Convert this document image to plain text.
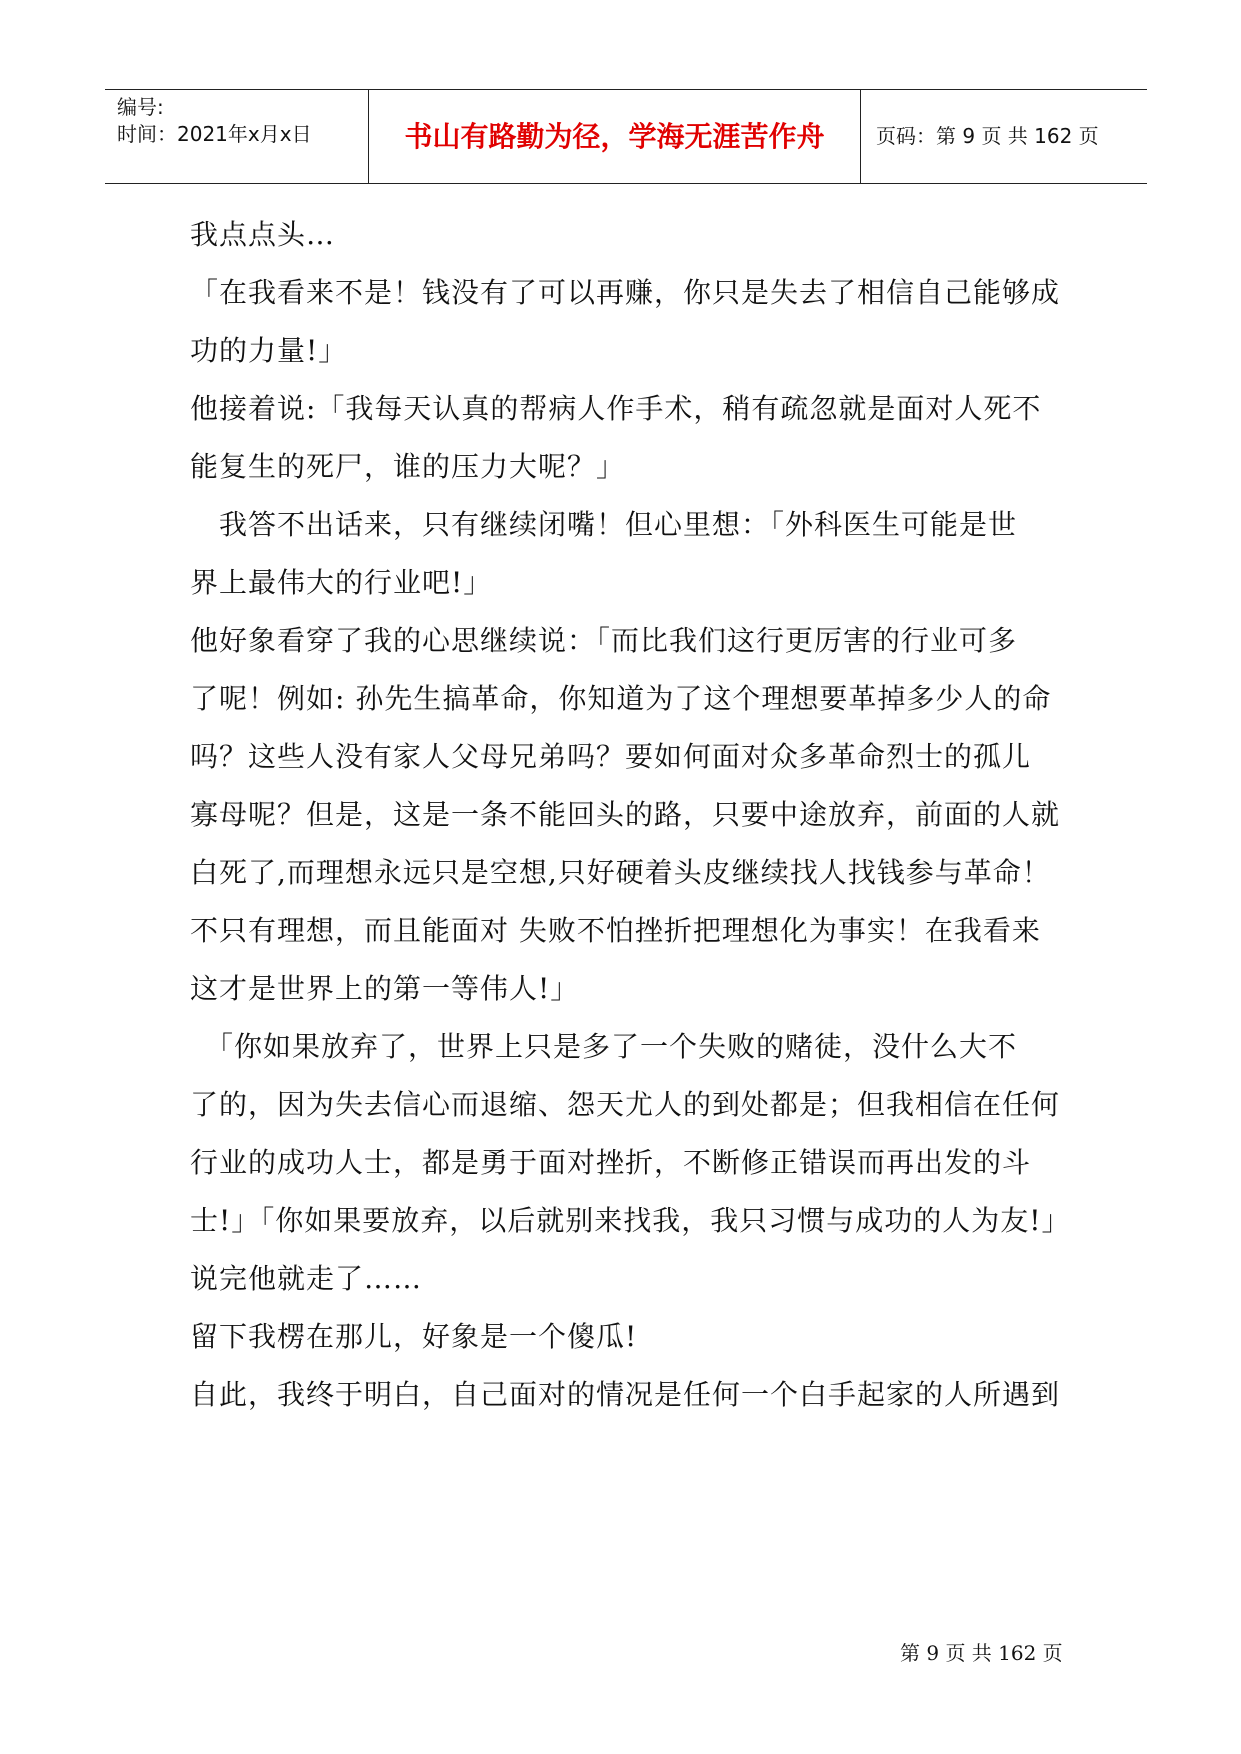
编号:
时间：2021年x月x日	书山有路勤为径，学海无涯苦作舟	页码：第 9 页 共 162 页
我点点头…
「在我看来不是！钱没有了可以再赚，你只是失去了相信自己能够成
功的力量!」
他接着说:「我每天认真的帮病人作手术，稍有疏忽就是面对人死不
能复生的死尸，谁的压力大呢？」
　我答不出话来，只有继续闭嘴！但心里想：「外科医生可能是世
界上最伟大的行业吧!」
他好象看穿了我的心思继续说：「而比我们这行更厉害的行业可多
了呢！例如: 孙先生搞革命，你知道为了这个理想要革掉多少人的命
吗？这些人没有家人父母兄弟吗？要如何面对众多革命烈士的孤儿
寡母呢？但是，这是一条不能回头的路，只要中途放弃，前面的人就
白死了,而理想永远只是空想,只好硬着头皮继续找人找钱参与革命！
不只有理想，而且能面对 失败不怕挫折把理想化为事实！在我看来
这才是世界上的第一等伟人!」
　「你如果放弃了，世界上只是多了一个失败的赌徒，没什么大不
了的，因为失去信心而退缩、怨天尤人的到处都是；但我相信在任何
行业的成功人士，都是勇于面对挫折，不断修正错误而再出发的斗
士!」「你如果要放弃，以后就别来找我，我只习惯与成功的人为友!」
说完他就走了……
留下我楞在那儿，好象是一个傻瓜!
自此，我终于明白，自己面对的情况是任何一个白手起家的人所遇到
第 9 页 共 162 页
